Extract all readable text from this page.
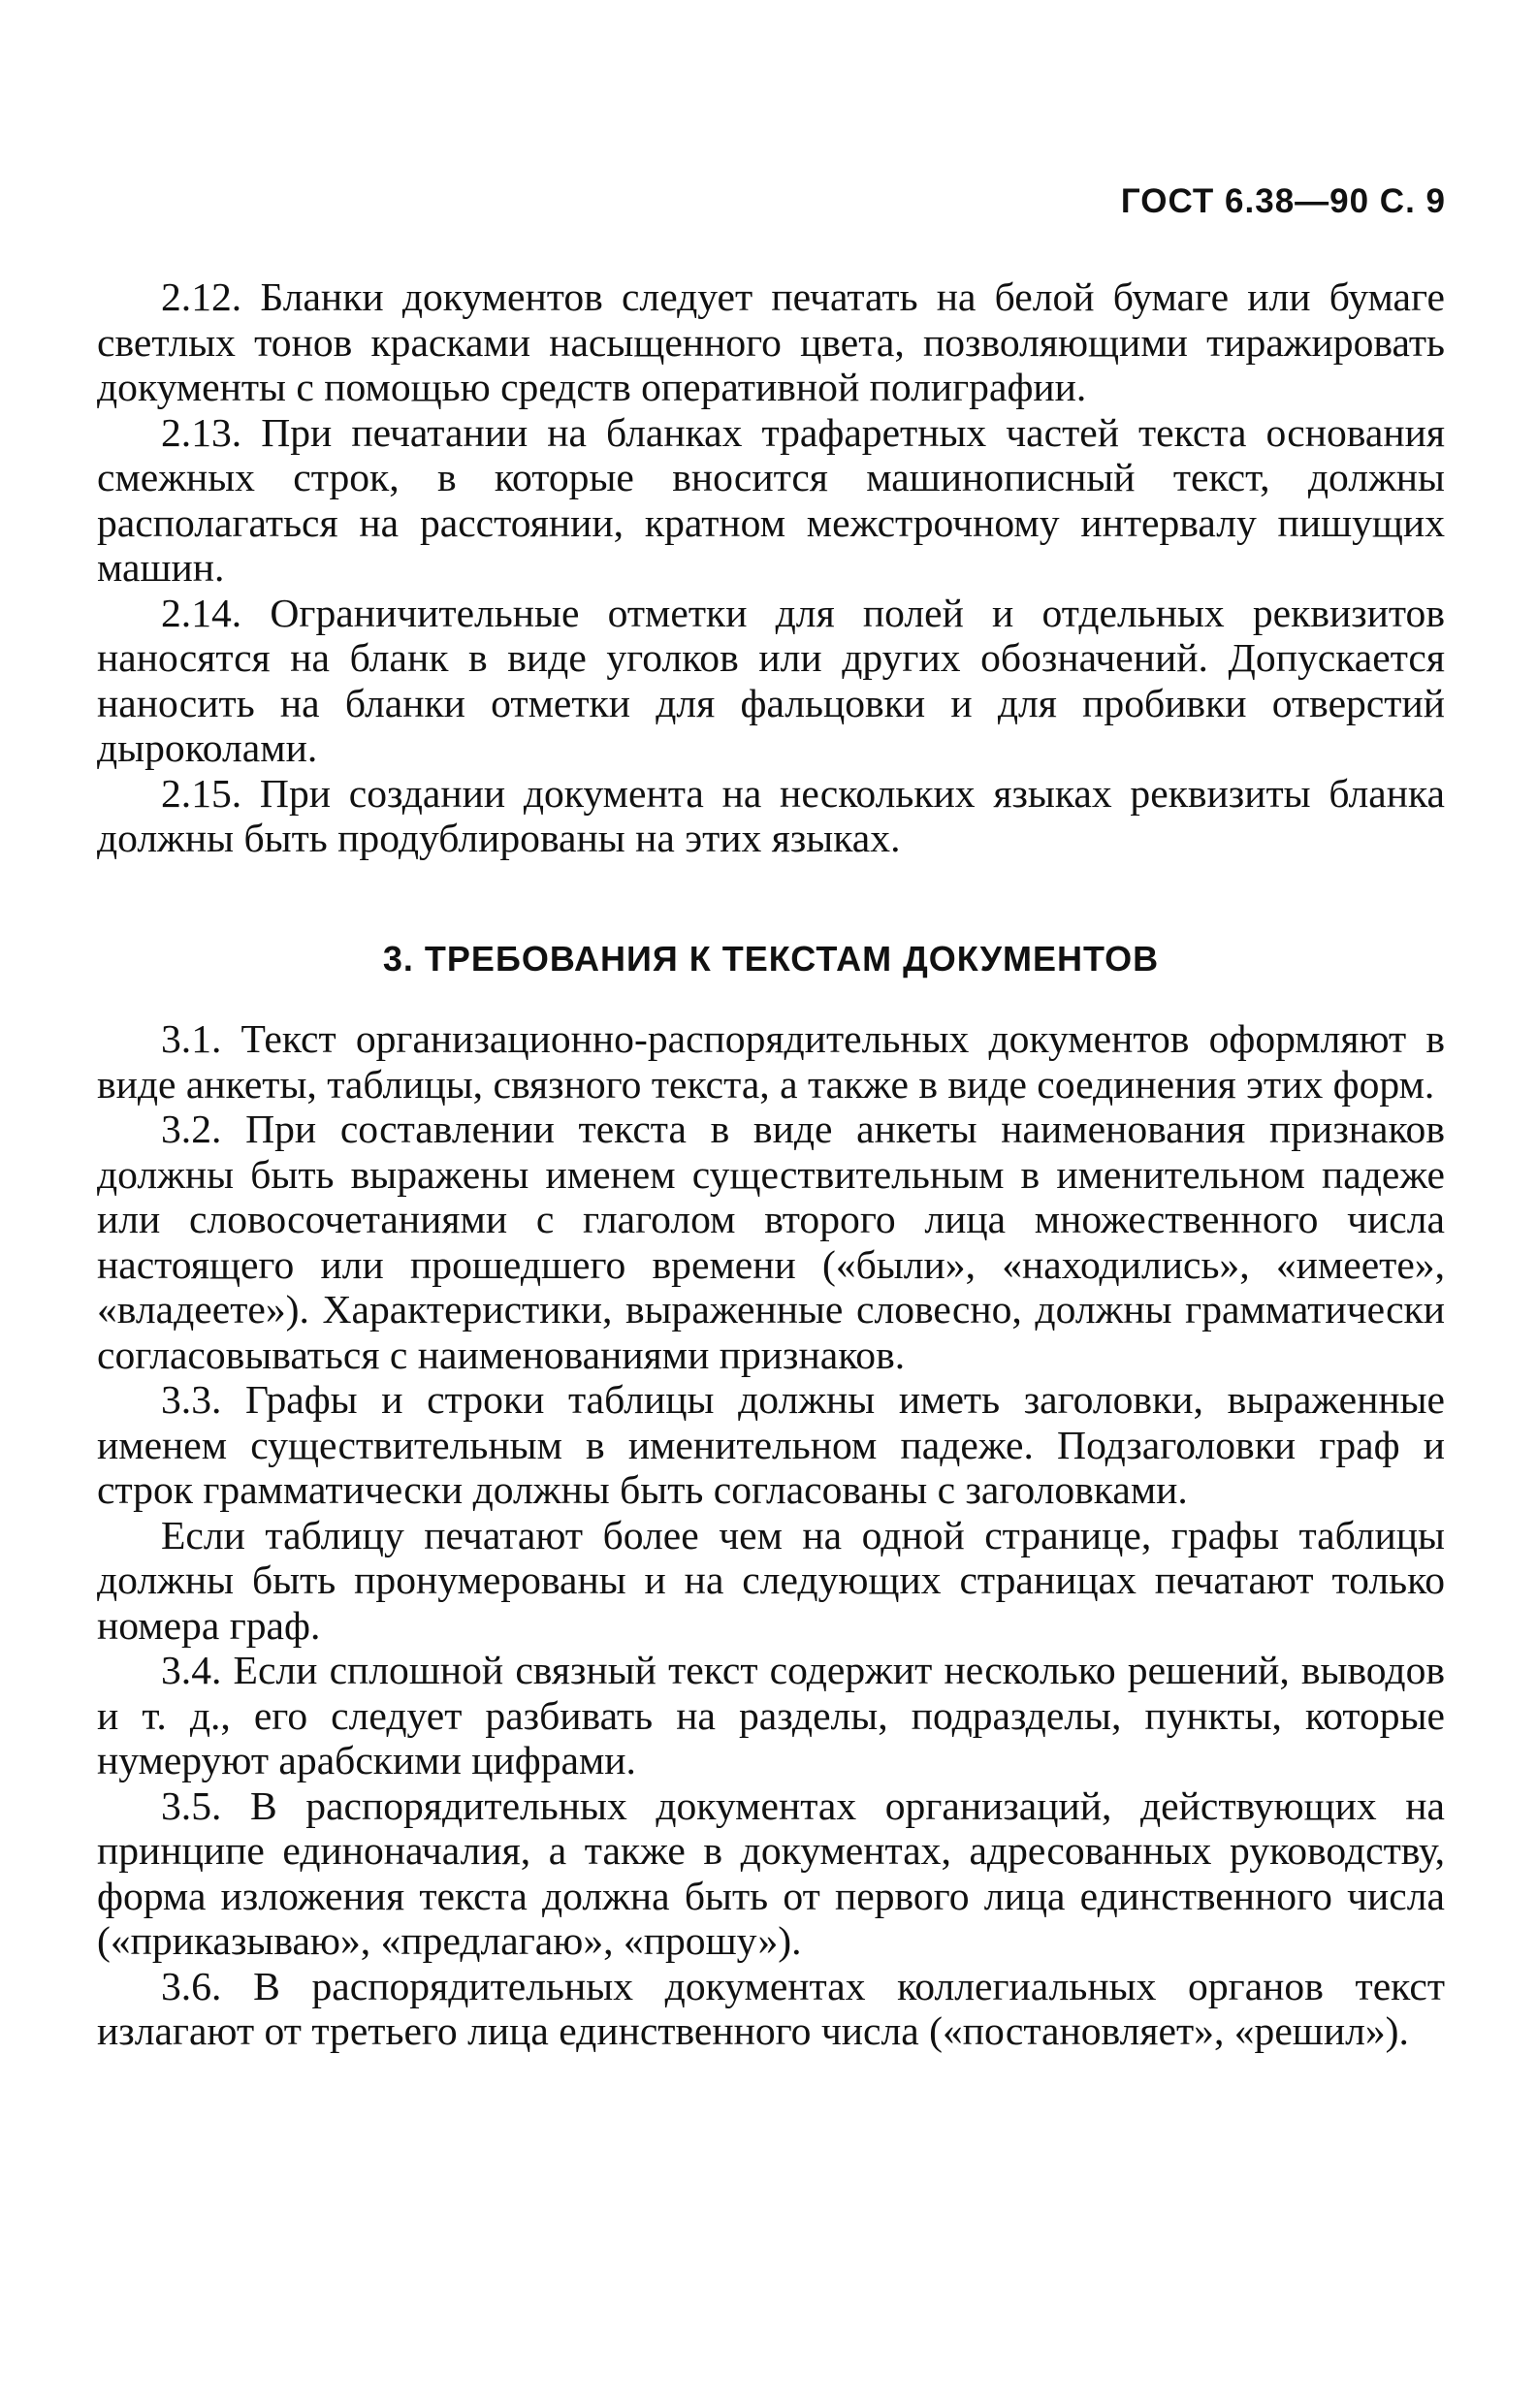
ГОСТ 6.38—90 С. 9

2.12. Бланки документов следует печатать на белой бумаге или бумаге светлых тонов красками насыщенного цвета, позволяющими тиражировать документы с помощью средств оперативной полиграфии.

2.13. При печатании на бланках трафаретных частей текста основания смежных строк, в которые вносится машинописный текст, должны располагаться на расстоянии, кратном межстрочному интервалу пишущих машин.

2.14. Ограничительные отметки для полей и отдельных реквизитов наносятся на бланк в виде уголков или других обозначений. Допускается наносить на бланки отметки для фальцовки и для пробивки отверстий дыроколами.

2.15. При создании документа на нескольких языках реквизиты бланка должны быть продублированы на этих языках.

3. ТРЕБОВАНИЯ К ТЕКСТАМ ДОКУМЕНТОВ

3.1. Текст организационно-распорядительных документов оформляют в виде анкеты, таблицы, связного текста, а также в виде соединения этих форм.

3.2. При составлении текста в виде анкеты наименования признаков должны быть выражены именем существительным в именительном падеже или словосочетаниями с глаголом второго лица множественного числа настоящего или прошедшего времени («были», «находились», «имеете», «владеете»). Характеристики, выраженные словесно, должны грамматически согласовываться с наименованиями признаков.

3.3. Графы и строки таблицы должны иметь заголовки, выраженные именем существительным в именительном падеже. Подзаголовки граф и строк грамматически должны быть согласованы с заголовками.

Если таблицу печатают более чем на одной странице, графы таблицы должны быть пронумерованы и на следующих страницах печатают только номера граф.

3.4. Если сплошной связный текст содержит несколько решений, выводов и т. д., его следует разбивать на разделы, подразделы, пункты, которые нумеруют арабскими цифрами.

3.5. В распорядительных документах организаций, действующих на принципе единоначалия, а также в документах, адресованных руководству, форма изложения текста должна быть от первого лица единственного числа («приказываю», «предлагаю», «прошу»).

3.6. В распорядительных документах коллегиальных органов текст излагают от третьего лица единственного числа («постановляет», «решил»).
